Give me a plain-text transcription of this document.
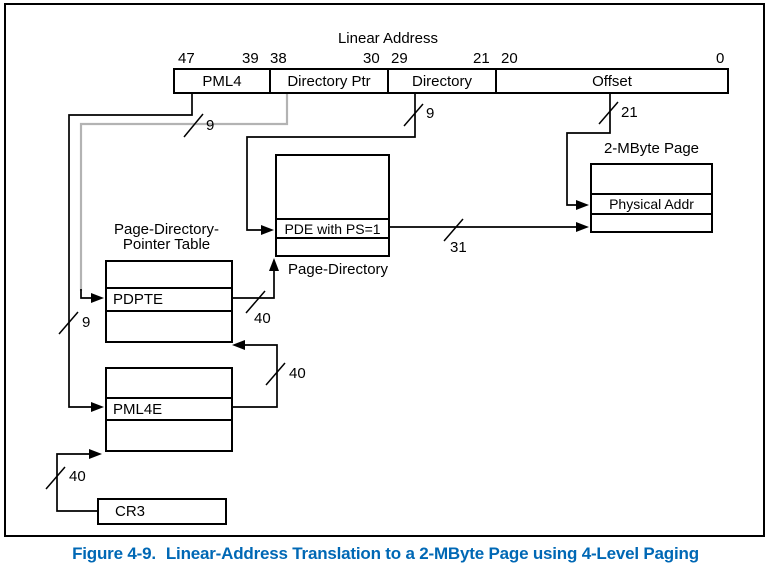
Linear Address
47	39 38	30 29	21 20	0
PML4	Directory Ptr	Directory	Offset
9
9
9	21
31
40
40
40
PDE with PS=1
Page-Directory
2-MByte Page
Physical Addr
Page-Directory-
Pointer Table
PDPTE
PML4E
CR3
Figure 4-9. Linear-Address Translation to a 2-MByte Page using 4-Level Paging
